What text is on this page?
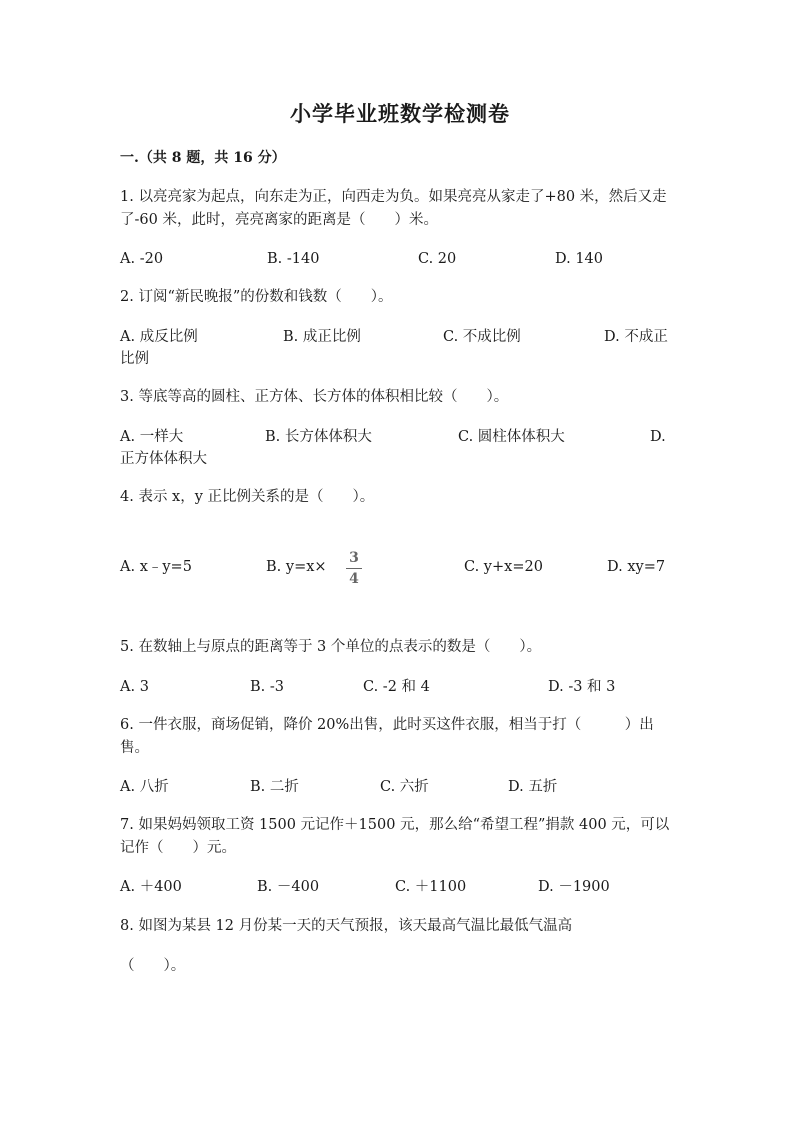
小学毕业班数学检测卷
一.（共 8 题，共 16 分）
1. 以亮亮家为起点，向东走为正，向西走为负。如果亮亮从家走了+80 米，然后又走了-60 米，此时，亮亮离家的距离是（　　）米。
A. -20	B. -140	C. 20	D. 140
2. 订阅“新民晚报”的份数和钱数（　　）。
A. 成反比例	B. 成正比例	C. 不成比例	D. 不成正比例
3. 等底等高的圆柱、正方体、长方体的体积相比较（　　）。
A. 一样大	B. 长方体体积大	C. 圆柱体体积大	D. 正方体体积大
4. 表示 x，y 正比例关系的是（　　）。
A. x﹣y=5	B. y=x×
3
4
C. y+x=20	D. xy=7
5. 在数轴上与原点的距离等于 3 个单位的点表示的数是（　　）。
A. 3	B. -3	C. -2 和 4	D. -3 和 3
6. 一件衣服，商场促销，降价 20%出售，此时买这件衣服，相当于打（　　　）出售。
A. 八折	B. 二折	C. 六折	D. 五折
7. 如果妈妈领取工资 1500 元记作＋1500 元，那么给“希望工程”捐款 400 元，可以记作（　　）元。
A. ＋400	B. －400	C. ＋1100	D. －1900
8. 如图为某县 12 月份某一天的天气预报，该天最高气温比最低气温高
（　　）。
